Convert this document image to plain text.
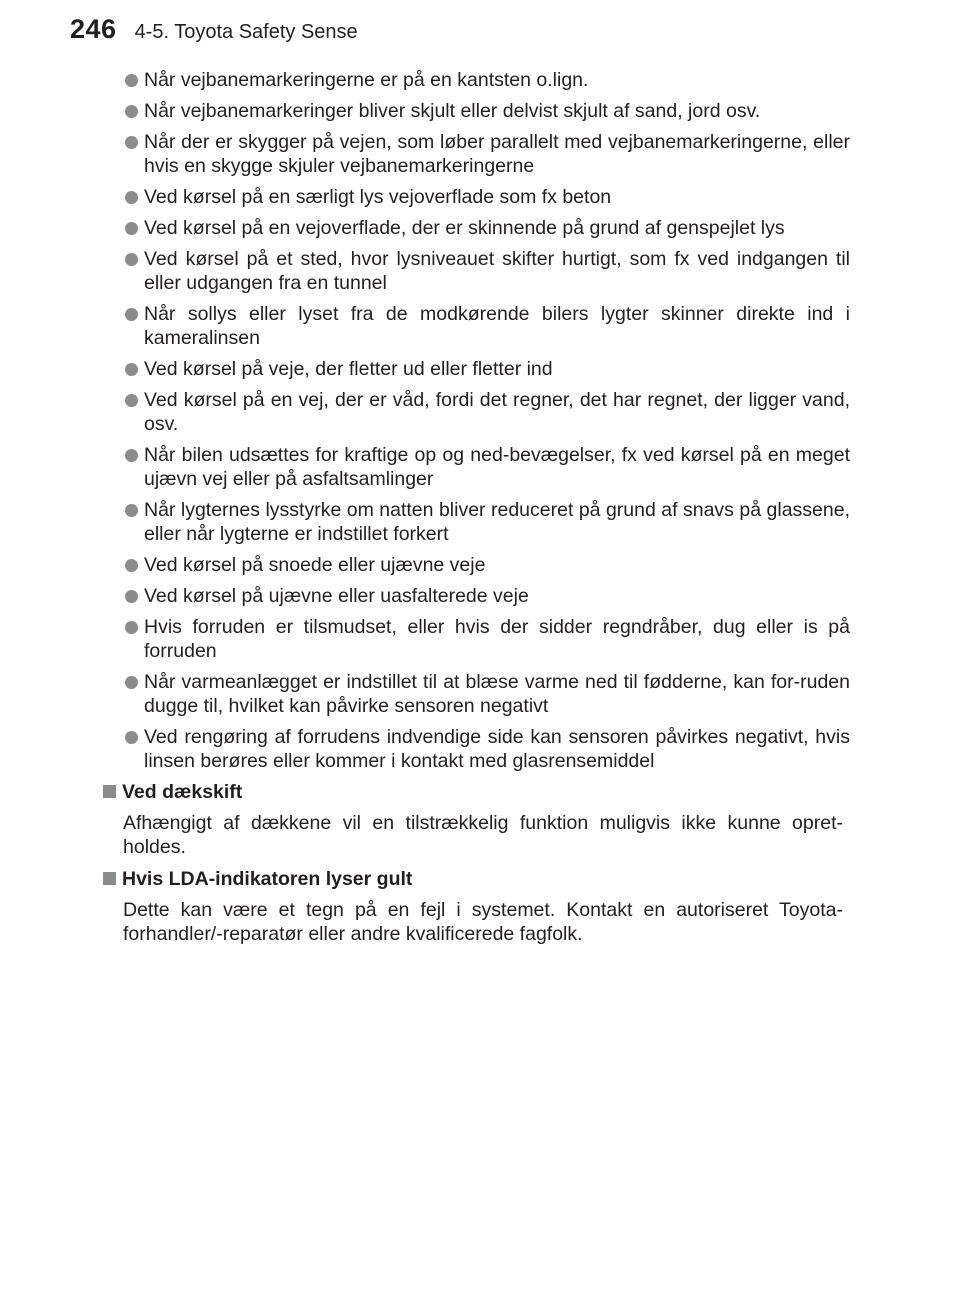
246 4-5. Toyota Safety Sense
Når vejbanemarkeringerne er på en kantsten o.lign.
Når vejbanemarkeringer bliver skjult eller delvist skjult af sand, jord osv.
Når der er skygger på vejen, som løber parallelt med vejbanemarkeringerne, eller hvis en skygge skjuler vejbanemarkeringerne
Ved kørsel på en særligt lys vejoverflade som fx beton
Ved kørsel på en vejoverflade, der er skinnende på grund af genspejlet lys
Ved kørsel på et sted, hvor lysniveauet skifter hurtigt, som fx ved indgangen til eller udgangen fra en tunnel
Når sollys eller lyset fra de modkørende bilers lygter skinner direkte ind i kameralinsen
Ved kørsel på veje, der fletter ud eller fletter ind
Ved kørsel på en vej, der er våd, fordi det regner, det har regnet, der ligger vand, osv.
Når bilen udsættes for kraftige op og ned-bevægelser, fx ved kørsel på en meget ujævn vej eller på asfaltsamlinger
Når lygternes lysstyrke om natten bliver reduceret på grund af snavs på glassene, eller når lygterne er indstillet forkert
Ved kørsel på snoede eller ujævne veje
Ved kørsel på ujævne eller uasfalterede veje
Hvis forruden er tilsmudset, eller hvis der sidder regndråber, dug eller is på forruden
Når varmeanlægget er indstillet til at blæse varme ned til fødderne, kan for-ruden dugge til, hvilket kan påvirke sensoren negativt
Ved rengøring af forrudens indvendige side kan sensoren påvirkes negativt, hvis linsen berøres eller kommer i kontakt med glasrensemiddel
Ved dækskift
Afhængigt af dækkene vil en tilstrækkelig funktion muligvis ikke kunne opret-holdes.
Hvis LDA-indikatoren lyser gult
Dette kan være et tegn på en fejl i systemet. Kontakt en autoriseret Toyota-forhandler/-reparatør eller andre kvalificerede fagfolk.
